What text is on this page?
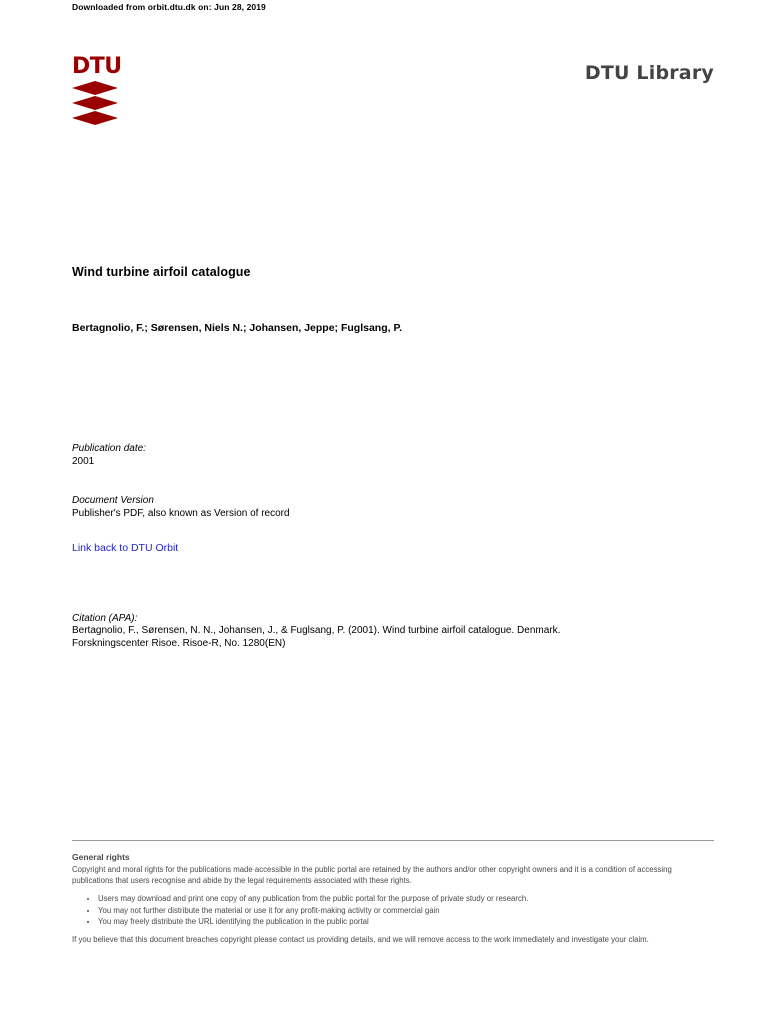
Downloaded from orbit.dtu.dk on: Jun 28, 2019
DTU	DTU Library
Wind turbine airfoil catalogue
Bertagnolio, F.; Sørensen, Niels N.; Johansen, Jeppe; Fuglsang, P.
Publication date:
2001
Document Version
Publisher's PDF, also known as Version of record
Link back to DTU Orbit
Citation (APA):
Bertagnolio, F., Sørensen, N. N., Johansen, J., & Fuglsang, P. (2001). Wind turbine airfoil catalogue. Denmark.
Forskningscenter Risoe. Risoe-R, No. 1280(EN)
General rights

Copyright and moral rights for the publications made accessible in the public portal are retained by the authors and/or other copyright owners and it is a condition of accessing publications that users recognise and abide by the legal requirements associated with these rights.

• Users may download and print one copy of any publication from the public portal for the purpose of private study or research.
• You may not further distribute the material or use it for any profit-making activity or commercial gain
• You may freely distribute the URL identifying the publication in the public portal

If you believe that this document breaches copyright please contact us providing details, and we will remove access to the work immediately and investigate your claim.
